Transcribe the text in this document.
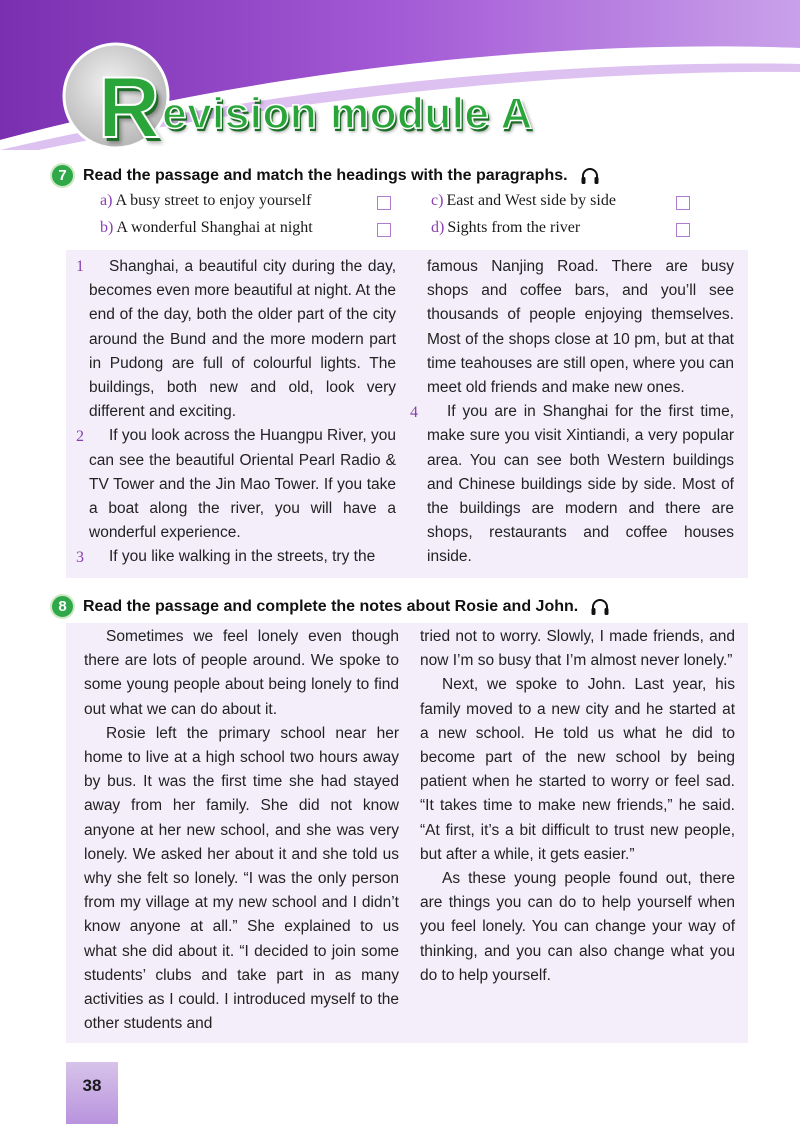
R evision module A
7	Read the passage and match the headings with the paragraphs.
a) A busy street to enjoy yourself	c) East and West side by side
b) A wonderful Shanghai at night	d) Sights from the river
1
2
3
4

Shanghai, a beautiful city during the day, becomes even more beautiful at night. At the end of the day, both the older part of the city around the Bund and the more modern part in Pudong are full of colourful lights. The buildings, both new and old, look very different and exciting.

If you look across the Huangpu River, you can see the beautiful Oriental Pearl Radio & TV Tower and the Jin Mao Tower. If you take a boat along the river, you will have a wonderful experience.

If you like walking in the streets, try the

famous Nanjing Road. There are busy shops and coffee bars, and you’ll see thousands of people enjoying themselves. Most of the shops close at 10 pm, but at that time teahouses are still open, where you can meet old friends and make new ones.

If you are in Shanghai for the first time, make sure you visit Xintiandi, a very popular area. You can see both Western buildings and Chinese buildings side by side. Most of the buildings are modern and there are shops, restaurants and coffee houses inside.

8	Read the passage and complete the notes about Rosie and John.

Sometimes we feel lonely even though there are lots of people around. We spoke to some young people about being lonely to find out what we can do about it.

Rosie left the primary school near her home to live at a high school two hours away by bus. It was the first time she had stayed away from her family. She did not know anyone at her new school, and she was very lonely. We asked her about it and she told us why she felt so lonely. “I was the only person from my village at my new school and I didn’t know anyone at all.” She explained to us what she did about it. “I decided to join some students’ clubs and take part in as many activities as I could. I introduced myself to the other students and

tried not to worry. Slowly, I made friends, and now I’m so busy that I’m almost never lonely.”

Next, we spoke to John. Last year, his family moved to a new city and he started at a new school. He told us what he did to become part of the new school by being patient when he started to worry or feel sad. “It takes time to make new friends,” he said. “At first, it’s a bit difficult to trust new people, but after a while, it gets easier.”

As these young people found out, there are things you can do to help yourself when you feel lonely. You can change your way of thinking, and you can also change what you do to help yourself.

38
